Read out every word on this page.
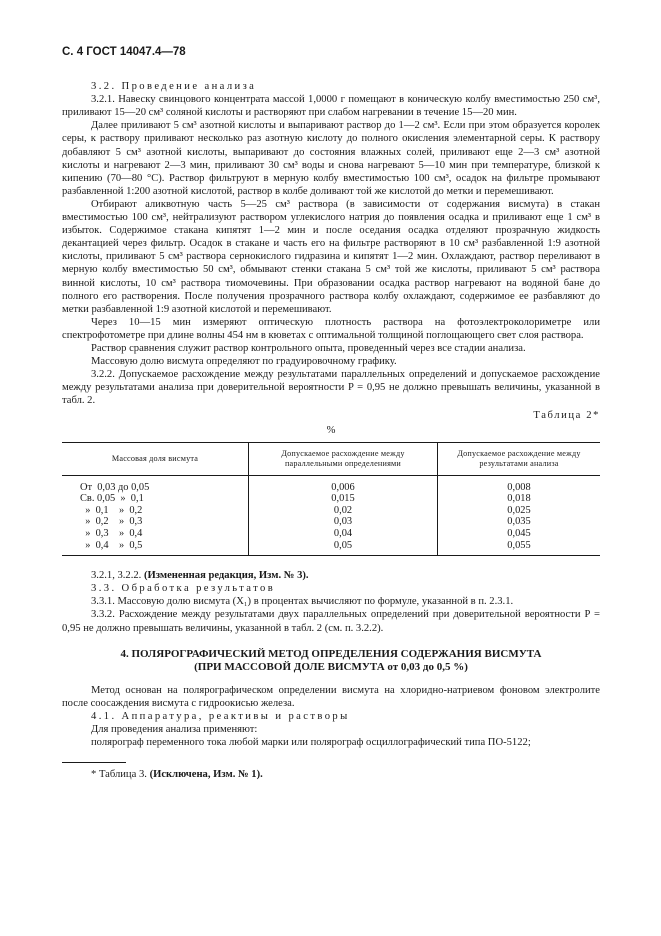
С. 4 ГОСТ 14047.4—78

3.2. Проведение анализа

3.2.1. Навеску свинцового концентрата массой 1,0000 г помещают в коническую колбу вместимостью 250 см³, приливают 15—20 см³ соляной кислоты и растворяют при слабом нагревании в течение 15—20 мин.

Далее приливают 5 см³ азотной кислоты и выпаривают раствор до 1—2 см³. Если при этом образуется королек серы, к раствору приливают несколько раз азотную кислоту до полного окисления элементарной серы. К раствору добавляют 5 см³ азотной кислоты, выпаривают до состояния влажных солей, приливают еще 2—3 см³ азотной кислоты и нагревают 2—3 мин, приливают 30 см³ воды и снова нагревают 5—10 мин при температуре, близкой к кипению (70—80 °С). Раствор фильтруют в мерную колбу вместимостью 100 см³, осадок на фильтре промывают разбавленной 1:200 азотной кислотой, раствор в колбе доливают той же кислотой до метки и перемешивают.

Отбирают аликвотную часть 5—25 см³ раствора (в зависимости от содержания висмута) в стакан вместимостью 100 см³, нейтрализуют раствором углекислого натрия до появления осадка и приливают еще 1 см³ в избыток. Содержимое стакана кипятят 1—2 мин и после оседания осадка отделяют прозрачную жидкость декантацией через фильтр. Осадок в стакане и часть его на фильтре растворяют в 10 см³ разбавленной 1:9 азотной кислоты, приливают 5 см³ раствора сернокислого гидразина и кипятят 1—2 мин. Охлаждают, раствор переливают в мерную колбу вместимостью 50 см³, обмывают стенки стакана 5 см³ той же кислоты, приливают 5 см³ раствора винной кислоты, 10 см³ раствора тиомочевины. При образовании осадка раствор нагревают на водяной бане до полного его растворения. После получения прозрачного раствора колбу охлаждают, содержимое ее разбавляют до метки разбавленной 1:9 азотной кислотой и перемешивают.

Через 10—15 мин измеряют оптическую плотность раствора на фотоэлектроколориметре или спектрофотометре при длине волны 454 нм в кюветах с оптимальной толщиной поглощающего свет слоя раствора.

Раствор сравнения служит раствор контрольного опыта, проведенный через все стадии анализа.

Массовую долю висмута определяют по градуировочному графику.

3.2.2. Допускаемое расхождение между результатами параллельных определений и допускаемое расхождение между результатами анализа при доверительной вероятности P = 0,95 не должно превышать величины, указанной в табл. 2.

Таблица 2*
%
Массовая доля висмута	Допускаемое расхождение между параллельными определениями	Допускаемое расхождение между результатами анализа
От  0,03 до 0,05	0,006	0,008
Св. 0,05  »  0,1	0,015	0,018
»  0,1    »  0,2	0,02	0,025
»  0,2    »  0,3	0,03	0,035
»  0,3    »  0,4	0,04	0,045
»  0,4    »  0,5	0,05	0,055

3.2.1, 3.2.2. (Измененная редакция, Изм. № 3).

3.3. Обработка результатов

3.3.1. Массовую долю висмута (X₁) в процентах вычисляют по формуле, указанной в п. 2.3.1.

3.3.2. Расхождение между результатами двух параллельных определений при доверительной вероятности P = 0,95 не должно превышать величины, указанной в табл. 2 (см. п. 3.2.2).

4. ПОЛЯРОГРАФИЧЕСКИЙ МЕТОД ОПРЕДЕЛЕНИЯ СОДЕРЖАНИЯ ВИСМУТА
(ПРИ МАССОВОЙ ДОЛЕ ВИСМУТА от 0,03 до 0,5 %)

Метод основан на полярографическом определении висмута на хлоридно-натриевом фоновом электролите после соосаждения висмута с гидроокисью железа.

4.1. Аппаратура, реактивы и растворы

Для проведения анализа применяют:

полярограф переменного тока любой марки или полярограф осциллографический типа ПО-5122;

* Таблица 3. (Исключена, Изм. № 1).
